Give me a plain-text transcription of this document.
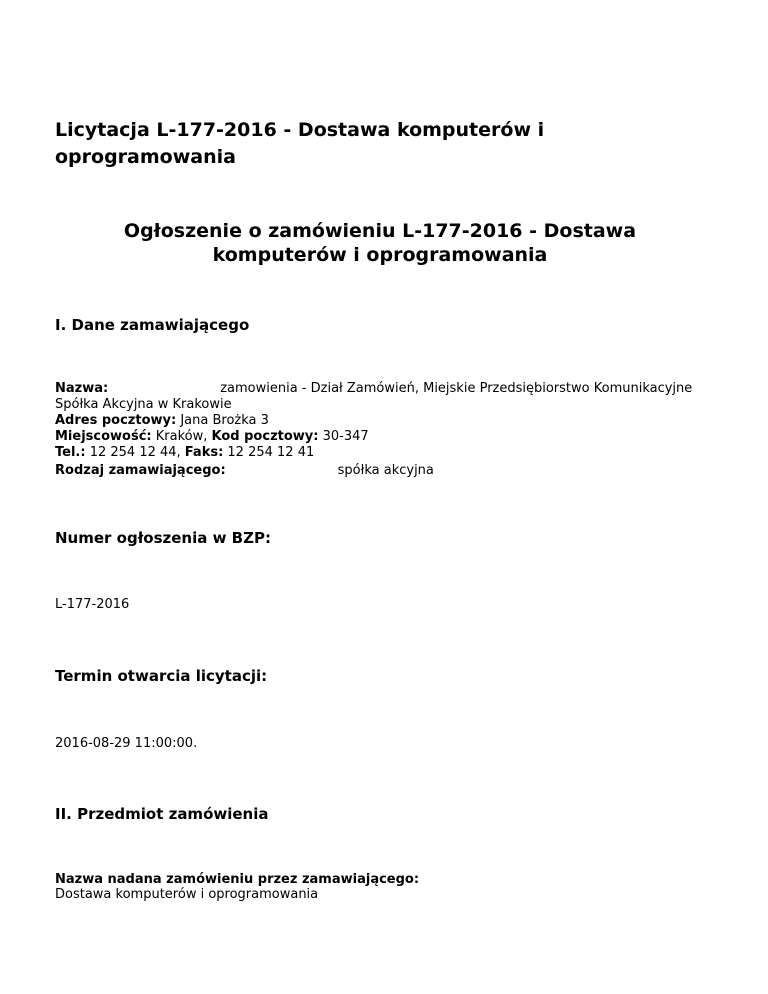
Licytacja L-177-2016 - Dostawa komputerów i oprogramowania
Ogłoszenie o zamówieniu L-177-2016 - Dostawa komputerów i oprogramowania
I. Dane zamawiającego
Nazwa:	zamowienia - Dział Zamówień, Miejskie Przedsiębiorstwo Komunikacyjne Spółka Akcyjna w Krakowie
Adres pocztowy: Jana Brożka 3
Miejscowość: Kraków, Kod pocztowy: 30-347
Tel.: 12 254 12 44, Faks: 12 254 12 41
Rodzaj zamawiającego:	spółka akcyjna
Numer ogłoszenia w BZP:
L-177-2016
Termin otwarcia licytacji:
2016-08-29 11:00:00.
II. Przedmiot zamówienia
Nazwa nadana zamówieniu przez zamawiającego:
Dostawa komputerów i oprogramowania
